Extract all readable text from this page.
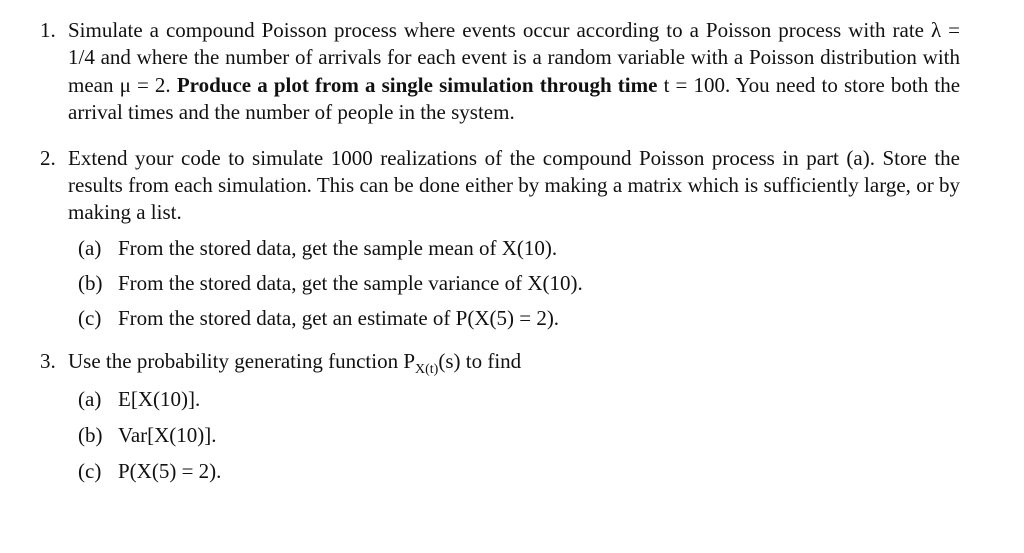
1. Simulate a compound Poisson process where events occur according to a Poisson process with rate λ = 1/4 and where the number of arrivals for each event is a random variable with a Poisson distribution with mean μ = 2. Produce a plot from a single simulation through time t = 100. You need to store both the arrival times and the number of people in the system.
2. Extend your code to simulate 1000 realizations of the compound Poisson process in part (a). Store the results from each simulation. This can be done either by making a matrix which is sufficiently large, or by making a list.
(a) From the stored data, get the sample mean of X(10).
(b) From the stored data, get the sample variance of X(10).
(c) From the stored data, get an estimate of P(X(5) = 2).
3. Use the probability generating function $P_{X(t)}(s)$ to find
(a) E[X(10)].
(b) Var[X(10)].
(c) P(X(5) = 2).
